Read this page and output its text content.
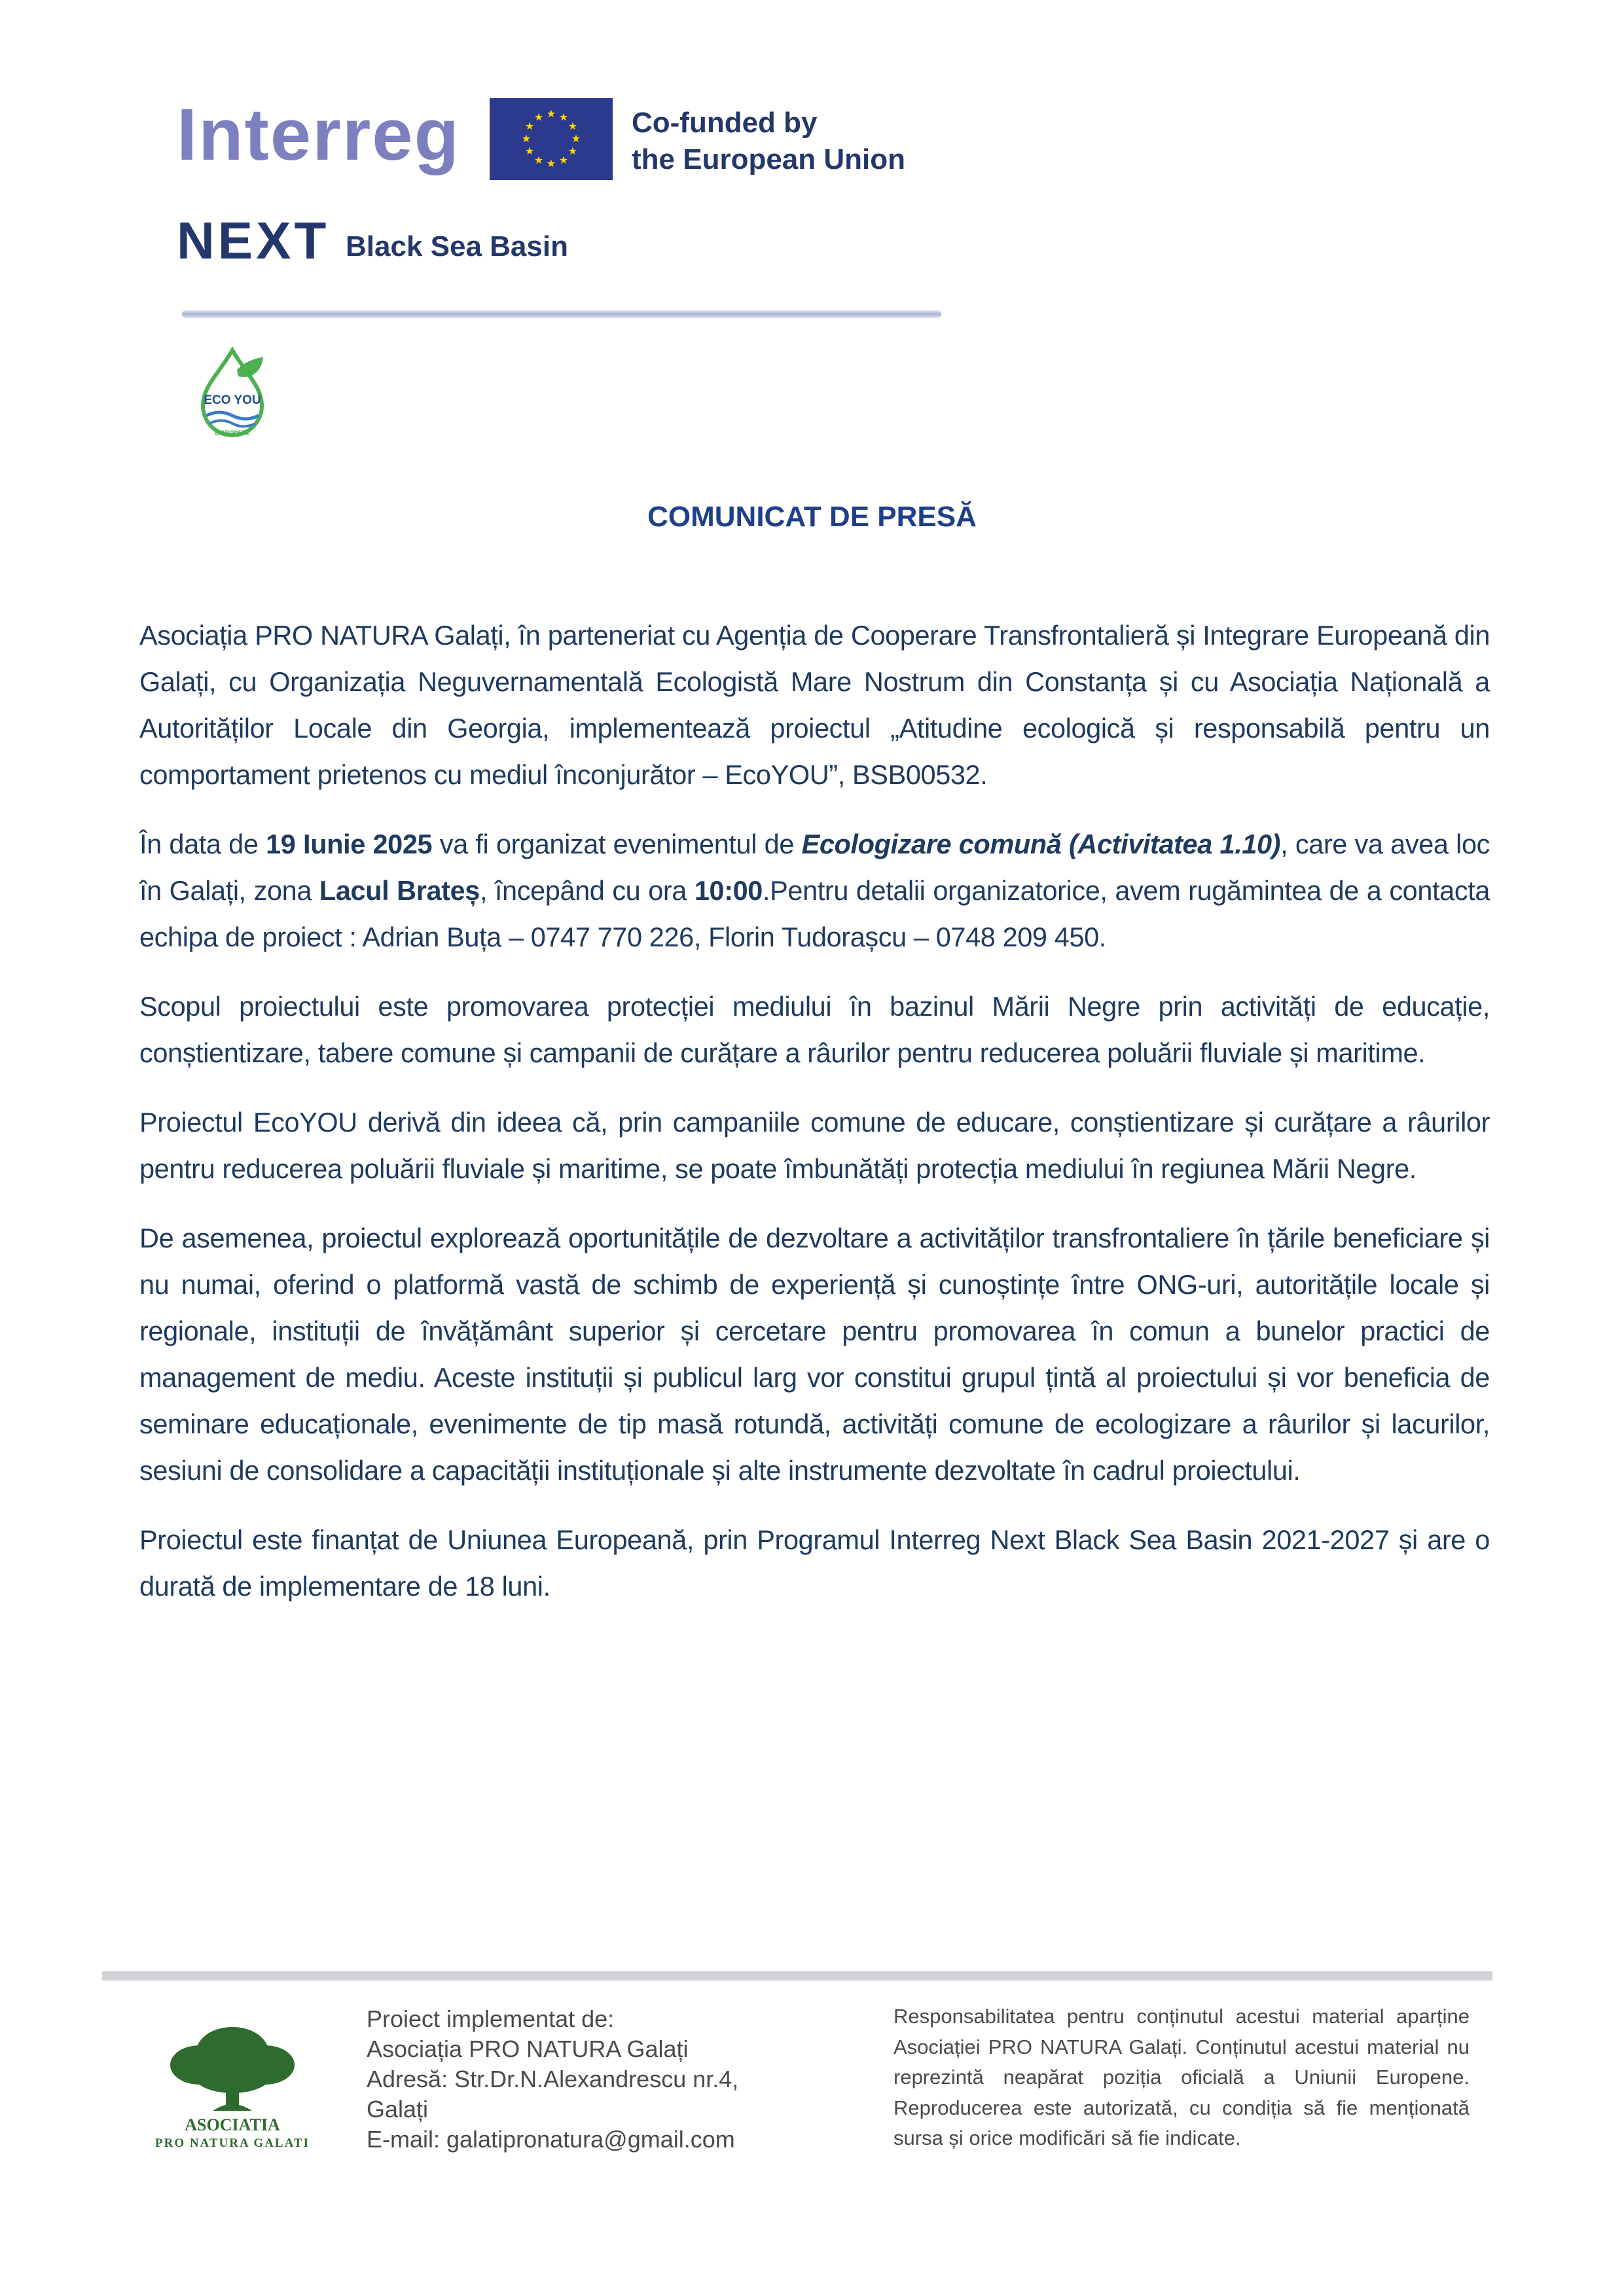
Interreg	Co-funded by
the European Union
NEXT Black Sea Basin
ECO YOU
BSB00532
COMUNICAT DE PRESĂ

Asociația PRO NATURA Galați, în parteneriat cu Agenția de Cooperare Transfrontalieră și Integrare Europeană din Galați, cu Organizația Neguvernamentală Ecologistă Mare Nostrum din Constanța și cu Asociația Națională a Autorităților Locale din Georgia, implementează proiectul „Atitudine ecologică și responsabilă pentru un comportament prietenos cu mediul înconjurător – EcoYOU”, BSB00532.

În data de 19 Iunie 2025 va fi organizat evenimentul de Ecologizare comună (Activitatea 1.10), care va avea loc în Galați, zona Lacul Brateș, începând cu ora 10:00.Pentru detalii organizatorice, avem rugămintea de a contacta echipa de proiect : Adrian Buța – 0747 770 226, Florin Tudorașcu – 0748 209 450.

Scopul proiectului este promovarea protecției mediului în bazinul Mării Negre prin activități de educație, conștientizare, tabere comune și campanii de curățare a râurilor pentru reducerea poluării fluviale și maritime.

Proiectul EcoYOU derivă din ideea că, prin campaniile comune de educare, conștientizare și curățare a râurilor pentru reducerea poluării fluviale și maritime, se poate îmbunătăți protecția mediului în regiunea Mării Negre.

De asemenea, proiectul explorează oportunitățile de dezvoltare a activităților transfrontaliere în țările beneficiare și nu numai, oferind o platformă vastă de schimb de experiență și cunoștințe între ONG-uri, autoritățile locale și regionale, instituții de învățământ superior și cercetare pentru promovarea în comun a bunelor practici de management de mediu. Aceste instituții și publicul larg vor constitui grupul țintă al proiectului și vor beneficia de seminare educaționale, evenimente de tip masă rotundă, activități comune de ecologizare a râurilor și lacurilor, sesiuni de consolidare a capacității instituționale și alte instrumente dezvoltate în cadrul proiectului.

Proiectul este finanțat de Uniunea Europeană, prin Programul Interreg Next Black Sea Basin 2021-2027 și are o durată de implementare de 18 luni.

ASOCIATIA
PRO NATURA GALATI
Proiect implementat de:
Asociația PRO NATURA Galați
Adresă: Str.Dr.N.Alexandrescu nr.4,
Galați
E-mail: galatipronatura@gmail.com
Responsabilitatea pentru conținutul acestui material aparține Asociației PRO NATURA Galați. Conținutul acestui material nu reprezintă neapărat poziția oficială a Uniunii Europene. Reproducerea este autorizată, cu condiția să fie menționată sursa și orice modificări să fie indicate.
